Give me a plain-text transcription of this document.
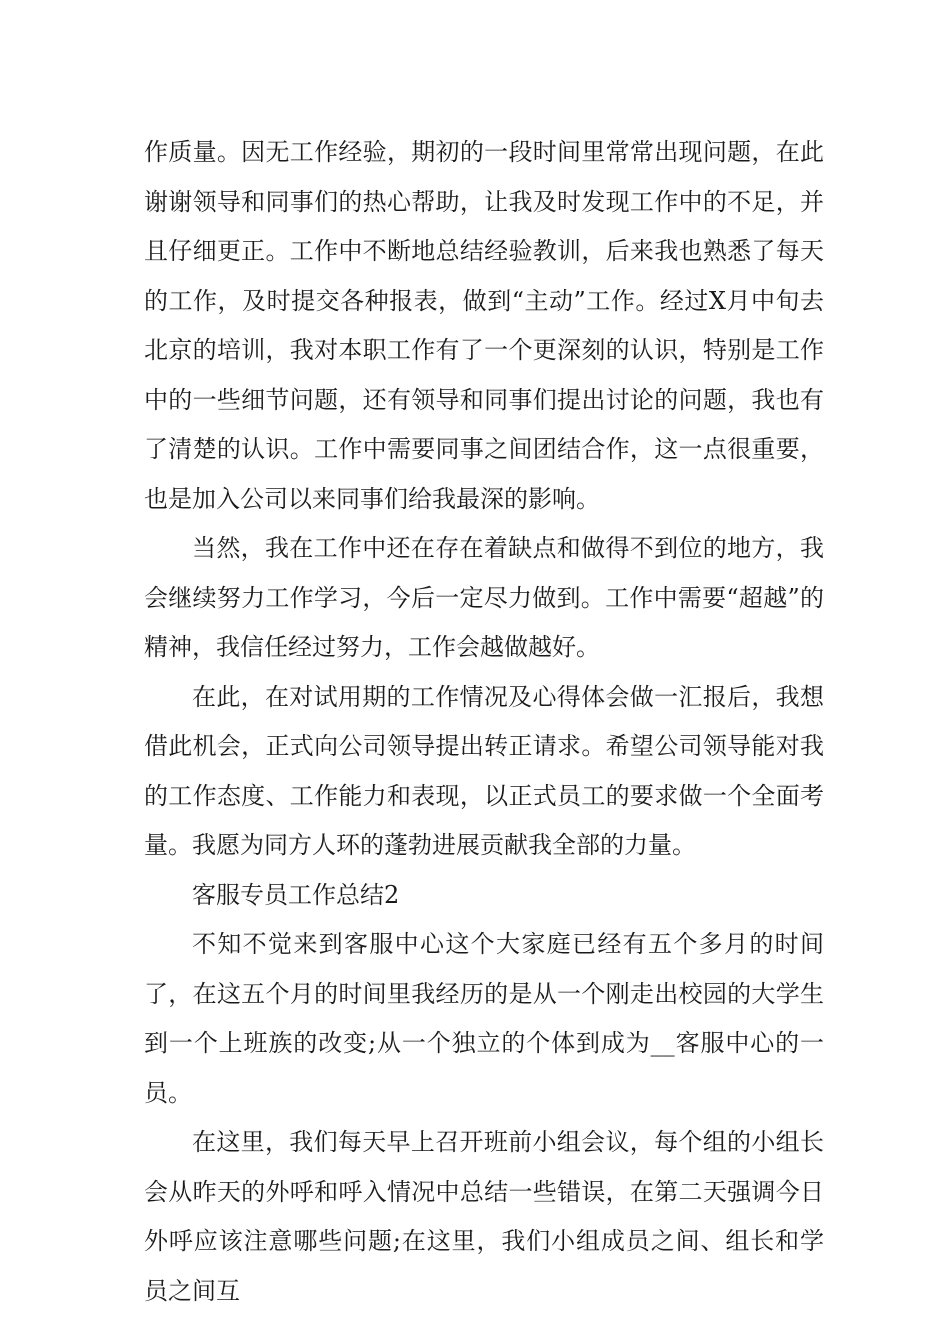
作质量。因无工作经验，期初的一段时间里常常出现问题，在此谢谢领导和同事们的热心帮助，让我及时发现工作中的不足，并且仔细更正。工作中不断地总结经验教训，后来我也熟悉了每天的工作，及时提交各种报表，做到“主动”工作。经过X月中旬去北京的培训，我对本职工作有了一个更深刻的认识，特别是工作中的一些细节问题，还有领导和同事们提出讨论的问题，我也有了清楚的认识。工作中需要同事之间团结合作，这一点很重要，也是加入公司以来同事们给我最深的影响。

当然，我在工作中还在存在着缺点和做得不到位的地方，我会继续努力工作学习，今后一定尽力做到。工作中需要“超越”的精神，我信任经过努力，工作会越做越好。

在此，在对试用期的工作情况及心得体会做一汇报后，我想借此机会，正式向公司领导提出转正请求。希望公司领导能对我的工作态度、工作能力和表现，以正式员工的要求做一个全面考量。我愿为同方人环的蓬勃进展贡献我全部的力量。

客服专员工作总结2

不知不觉来到客服中心这个大家庭已经有五个多月的时间了，在这五个月的时间里我经历的是从一个刚走出校园的大学生到一个上班族的改变;从一个独立的个体到成为__客服中心的一员。

在这里，我们每天早上召开班前小组会议，每个组的小组长会从昨天的外呼和呼入情况中总结一些错误，在第二天强调今日外呼应该注意哪些问题;在这里，我们小组成员之间、组长和学员之间互
